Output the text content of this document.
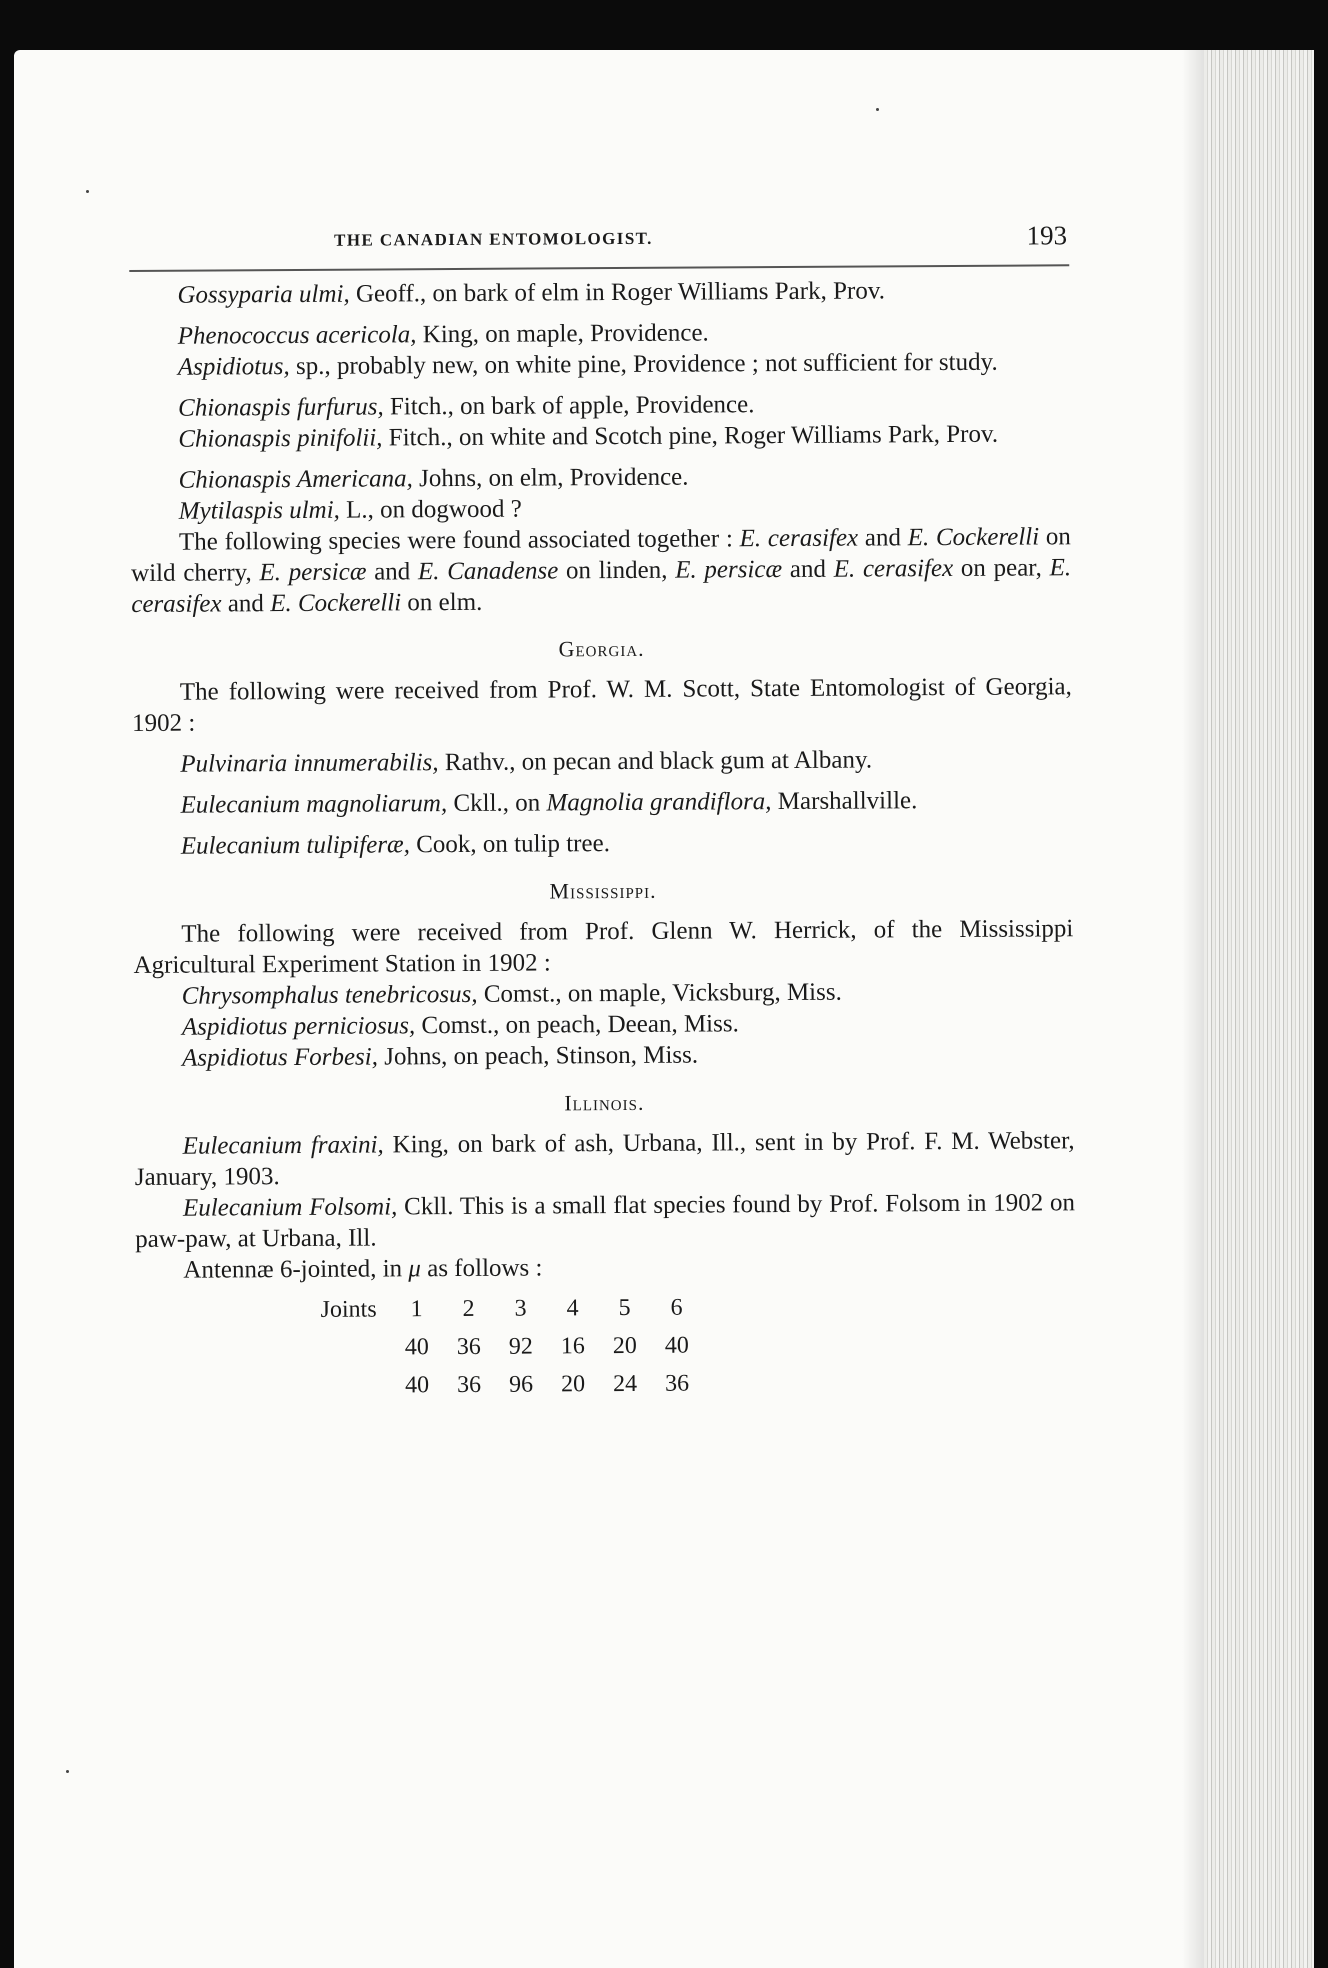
THE CANADIAN ENTOMOLOGIST.	193

Gossyparia ulmi, Geoff., on bark of elm in Roger Williams Park, Prov.

Phenococcus acericola, King, on maple, Providence.

Aspidiotus, sp., probably new, on white pine, Providence ; not sufficient for study.

Chionaspis furfurus, Fitch., on bark of apple, Providence.

Chionaspis pinifolii, Fitch., on white and Scotch pine, Roger Williams Park, Prov.

Chionaspis Americana, Johns, on elm, Providence.

Mytilaspis ulmi, L., on dogwood ?

The following species were found associated together : E. cerasifex and E. Cockerelli on wild cherry, E. persicæ and E. Canadense on linden, E. persicæ and E. cerasifex on pear, E. cerasifex and E. Cockerelli on elm.

Georgia.

The following were received from Prof. W. M. Scott, State Entomologist of Georgia, 1902 :

Pulvinaria innumerabilis, Rathv., on pecan and black gum at Albany.

Eulecanium magnoliarum, Ckll., on Magnolia grandiflora, Marshallville.

Eulecanium tulipiferæ, Cook, on tulip tree.

Mississippi.

The following were received from Prof. Glenn W. Herrick, of the Mississippi Agricultural Experiment Station in 1902 :

Chrysomphalus tenebricosus, Comst., on maple, Vicksburg, Miss.

Aspidiotus perniciosus, Comst., on peach, Deean, Miss.

Aspidiotus Forbesi, Johns, on peach, Stinson, Miss.

Illinois.

Eulecanium fraxini, King, on bark of ash, Urbana, Ill., sent in by Prof. F. M. Webster, January, 1903.

Eulecanium Folsomi, Ckll. This is a small flat species found by Prof. Folsom in 1902 on paw-paw, at Urbana, Ill.

Antennæ 6-jointed, in μ as follows :

Joints	1	2	3	4	5	6
	40	36	92	16	20	40
	40	36	96	20	24	36
